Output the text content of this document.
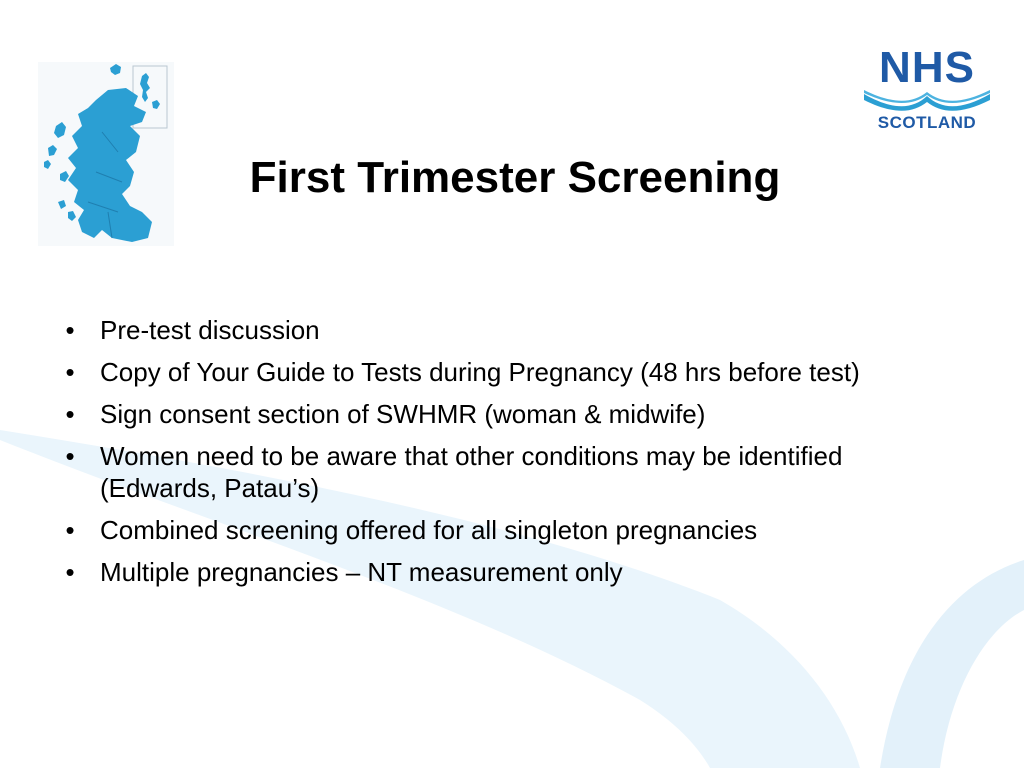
NHS
SCOTLAND
First Trimester Screening
• Pre-test discussion
• Copy of Your Guide to Tests during Pregnancy (48 hrs before test)
• Sign consent section of SWHMR (woman & midwife)
• Women need to be aware that other conditions may be identified (Edwards, Patau’s)
• Combined screening offered for all singleton pregnancies
• Multiple pregnancies – NT measurement only
